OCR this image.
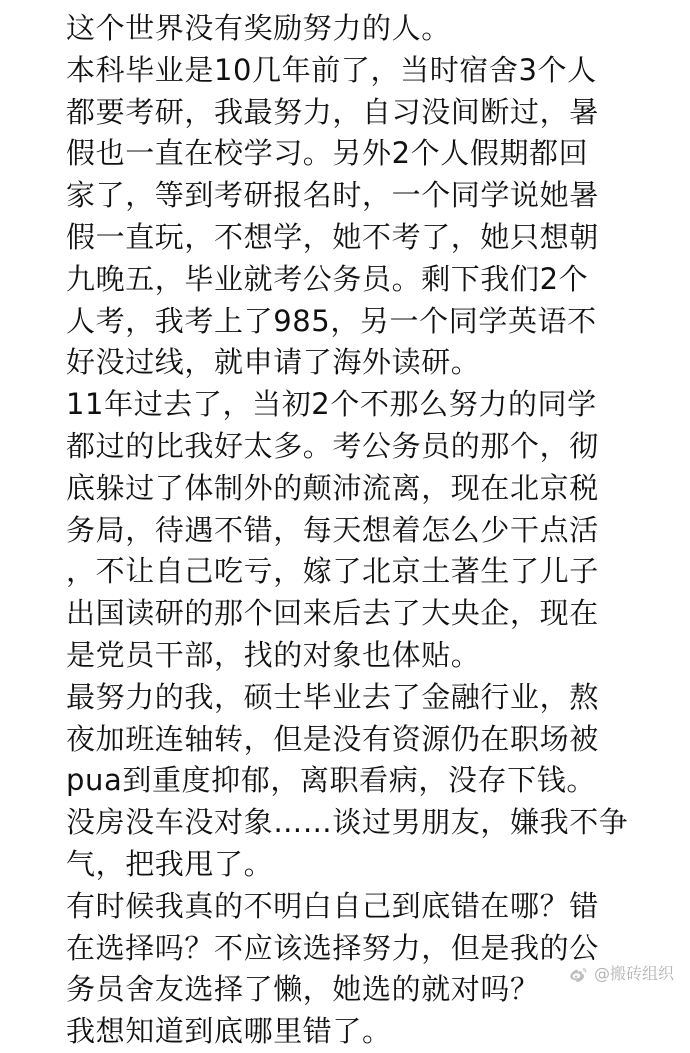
这个世界没有奖励努力的人。
本科毕业是10几年前了，当时宿舍3个人
都要考研，我最努力，自习没间断过，暑
假也一直在校学习。另外2个人假期都回
家了，等到考研报名时，一个同学说她暑
假一直玩，不想学，她不考了，她只想朝
九晚五，毕业就考公务员。剩下我们2个
人考，我考上了985，另一个同学英语不
好没过线，就申请了海外读研。
11年过去了，当初2个不那么努力的同学
都过的比我好太多。考公务员的那个，彻
底躲过了体制外的颠沛流离，现在北京税
务局，待遇不错，每天想着怎么少干点活
，不让自己吃亏，嫁了北京土著生了儿子
出国读研的那个回来后去了大央企，现在
是党员干部，找的对象也体贴。
最努力的我，硕士毕业去了金融行业，熬
夜加班连轴转，但是没有资源仍在职场被
pua到重度抑郁，离职看病，没存下钱。
没房没车没对象……谈过男朋友，嫌我不争
气，把我甩了。
有时候我真的不明白自己到底错在哪？错
在选择吗？不应该选择努力，但是我的公
务员舍友选择了懒，她选的就对吗？
我想知道到底哪里错了。
@搬砖组织
